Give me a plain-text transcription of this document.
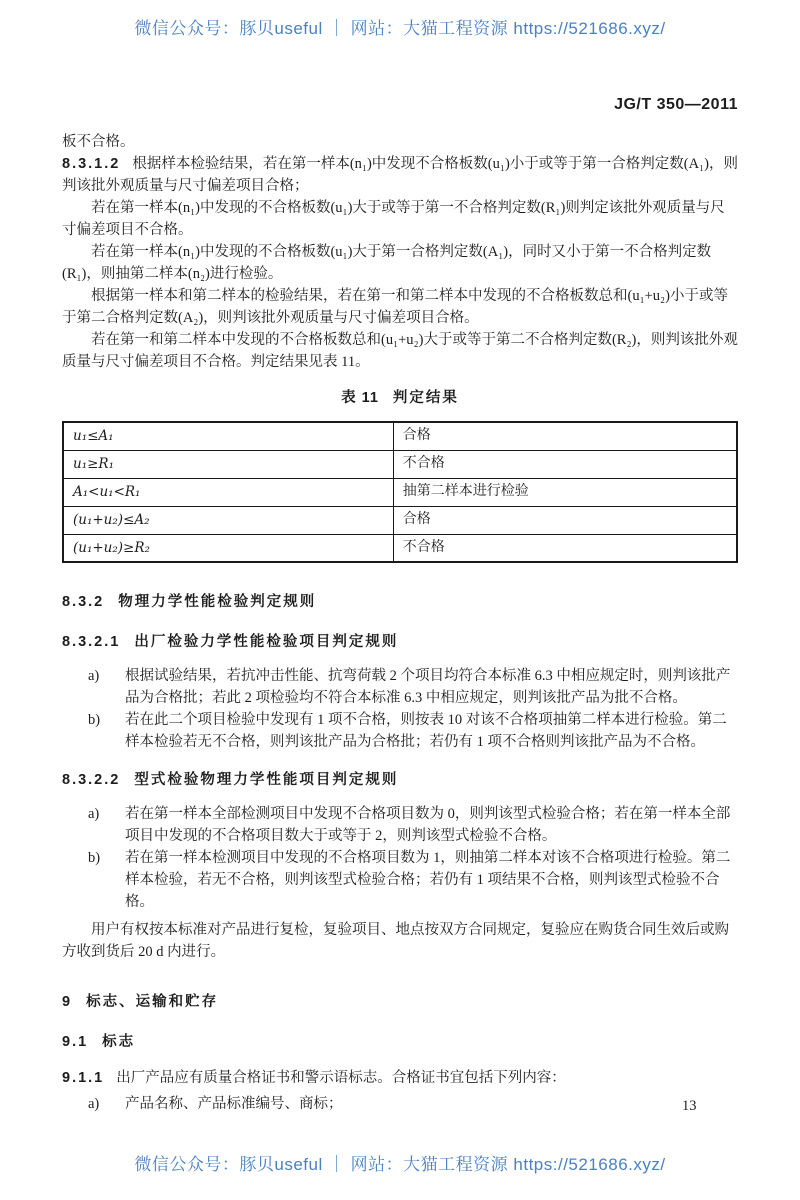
微信公众号：豚贝useful ｜ 网站：大猫工程资源 https://521686.xyz/
JG/T 350—2011

板不合格。

8.3.1.2 根据样本检验结果，若在第一样本(n₁)中发现不合格板数(u₁)小于或等于第一合格判定数(A₁)，则判该批外观质量与尺寸偏差项目合格；

若在第一样本(n₁)中发现的不合格板数(u₁)大于或等于第一不合格判定数(R₁)则判定该批外观质量与尺寸偏差项目不合格。

若在第一样本(n₁)中发现的不合格板数(u₁)大于第一合格判定数(A₁)，同时又小于第一不合格判定数(R₁)，则抽第二样本(n₂)进行检验。

根据第一样本和第二样本的检验结果，若在第一和第二样本中发现的不合格板数总和(u₁+u₂)小于或等于第二合格判定数(A₂)，则判该批外观质量与尺寸偏差项目合格。

若在第一和第二样本中发现的不合格板数总和(u₁+u₂)大于或等于第二不合格判定数(R₂)，则判该批外观质量与尺寸偏差项目不合格。判定结果见表 11。

表 11 判定结果
u₁≤A₁	合格
u₁≥R₁	不合格
A₁<u₁<R₁	抽第二样本进行检验
(u₁+u₂)≤A₂	合格
(u₁+u₂)≥R₂	不合格
8.3.2 物理力学性能检验判定规则
8.3.2.1 出厂检验力学性能检验项目判定规则
a)	根据试验结果，若抗冲击性能、抗弯荷载 2 个项目均符合本标准 6.3 中相应规定时，则判该批产品为合格批；若此 2 项检验均不符合本标准 6.3 中相应规定，则判该批产品为批不合格。
b)	若在此二个项目检验中发现有 1 项不合格，则按表 10 对该不合格项抽第二样本进行检验。第二样本检验若无不合格，则判该批产品为合格批；若仍有 1 项不合格则判该批产品为不合格。
8.3.2.2 型式检验物理力学性能项目判定规则
a)	若在第一样本全部检测项目中发现不合格项目数为 0，则判该型式检验合格；若在第一样本全部项目中发现的不合格项目数大于或等于 2，则判该型式检验不合格。
b)	若在第一样本检测项目中发现的不合格项目数为 1，则抽第二样本对该不合格项进行检验。第二样本检验，若无不合格，则判该型式检验合格；若仍有 1 项结果不合格，则判该型式检验不合格。

用户有权按本标准对产品进行复检，复验项目、地点按双方合同规定，复验应在购货合同生效后或购方收到货后 20 d 内进行。

9 标志、运输和贮存
9.1 标志

9.1.1 出厂产品应有质量合格证书和警示语标志。合格证书宜包括下列内容：

a)	产品名称、产品标准编号、商标；	13
微信公众号：豚贝useful ｜ 网站：大猫工程资源 https://521686.xyz/
